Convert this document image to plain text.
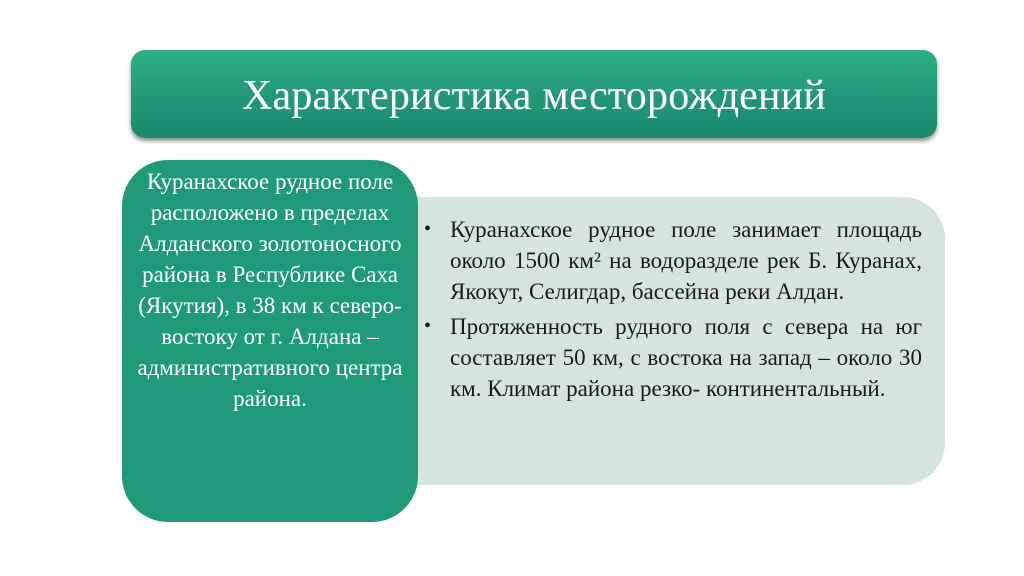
Характеристика месторождений
• Куранахское рудное поле занимает площадь около 1500 км² на водоразделе рек Б. Куранах, Якокут, Селигдар, бассейна реки Алдан.
• Протяженность рудного поля с севера на юг составляет 50 км, с востока на запад – около 30 км. Климат района резко- континентальный.
Куранахское рудное поле расположено в пределах Алданского золотоносного района в Республике Саха (Якутия), в 38 км к северо-востоку от г. Алдана – административного центра района.
